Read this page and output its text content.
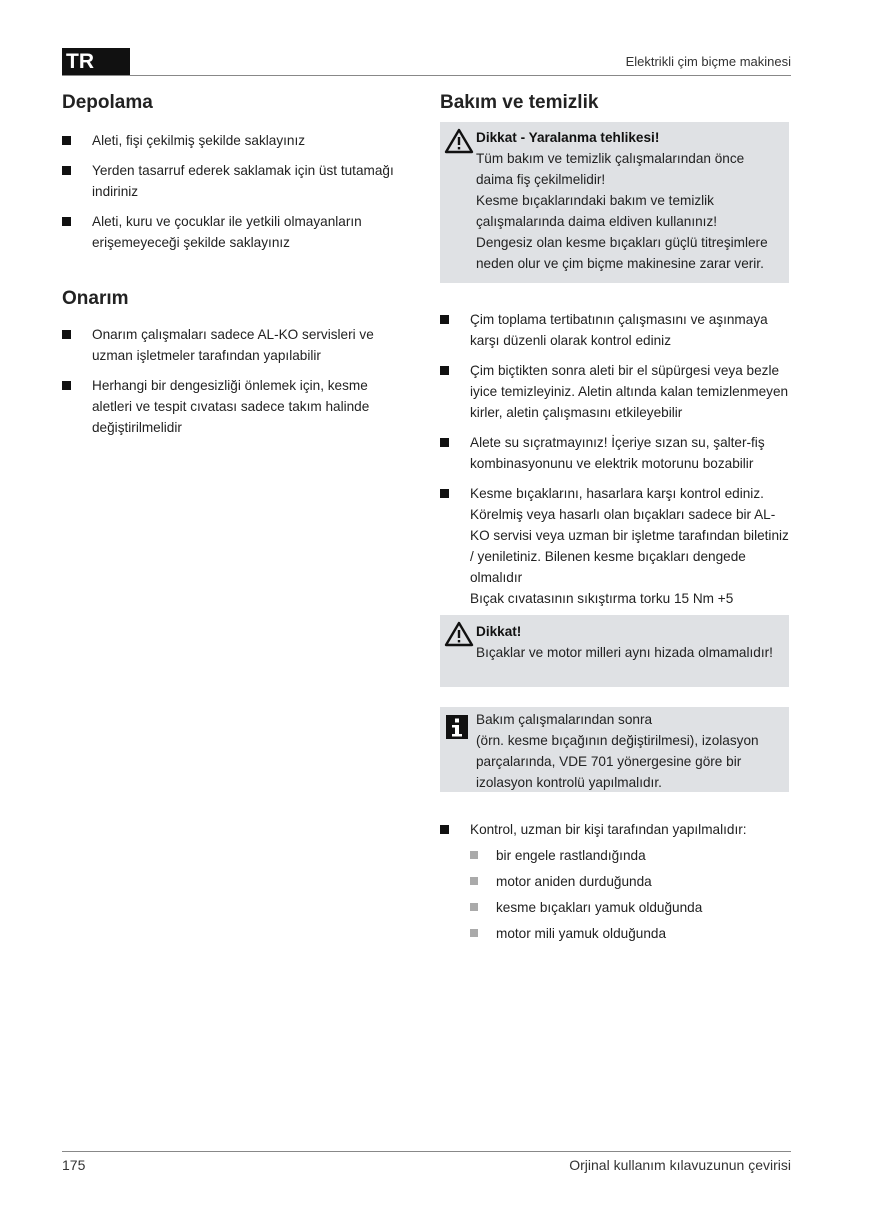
TR	Elektrikli çim biçme makinesi
Depolama
Aleti, fişi çekilmiş şekilde saklayınız
Yerden tasarruf ederek saklamak için üst tutamağı indiriniz
Aleti, kuru ve çocuklar ile yetkili olmayanların erişemeyeceği şekilde saklayınız
Onarım
Onarım çalışmaları sadece AL-KO servisleri ve uzman işletmeler tarafından yapılabilir
Herhangi bir dengesizliği önlemek için, kesme aletleri ve tespit cıvatası sadece takım halinde değiştirilmelidir
Bakım ve temizlik
Dikkat - Yaralanma tehlikesi!
Tüm bakım ve temizlik çalışmalarından önce daima fiş çekilmelidir!
Kesme bıçaklarındaki bakım ve temizlik çalışmalarında daima eldiven kullanınız!
Dengesiz olan kesme bıçakları güçlü titreşimlere neden olur ve çim biçme makinesine zarar verir.
Çim toplama tertibatının çalışmasını ve aşınmaya karşı düzenli olarak kontrol ediniz
Çim biçtikten sonra aleti bir el süpürgesi veya bezle iyice temizleyiniz. Aletin altında kalan temizlenmeyen kirler, aletin çalışmasını etkileyebilir
Alete su sıçratmayınız! İçeriye sızan su, şalter-fiş kombinasyonunu ve elektrik motorunu bozabilir
Kesme bıçaklarını, hasarlara karşı kontrol ediniz. Körelmiş veya hasarlı olan bıçakları sadece bir AL-KO servisi veya uzman bir işletme tarafından biletiniz / yeniletiniz. Bilenen kesme bıçakları dengede olmalıdır
Bıçak cıvatasının sıkıştırma torku 15 Nm +5
Dikkat!
Bıçaklar ve motor milleri aynı hizada olmamalıdır!
Bakım çalışmalarından sonra
(örn. kesme bıçağının değiştirilmesi), izolasyon parçalarında, VDE 701 yönergesine göre bir izolasyon kontrolü yapılmalıdır.
Kontrol, uzman bir kişi tarafından yapılmalıdır:
bir engele rastlandığında
motor aniden durduğunda
kesme bıçakları yamuk olduğunda
motor mili yamuk olduğunda
175	Orjinal kullanım kılavuzunun çevirisi
